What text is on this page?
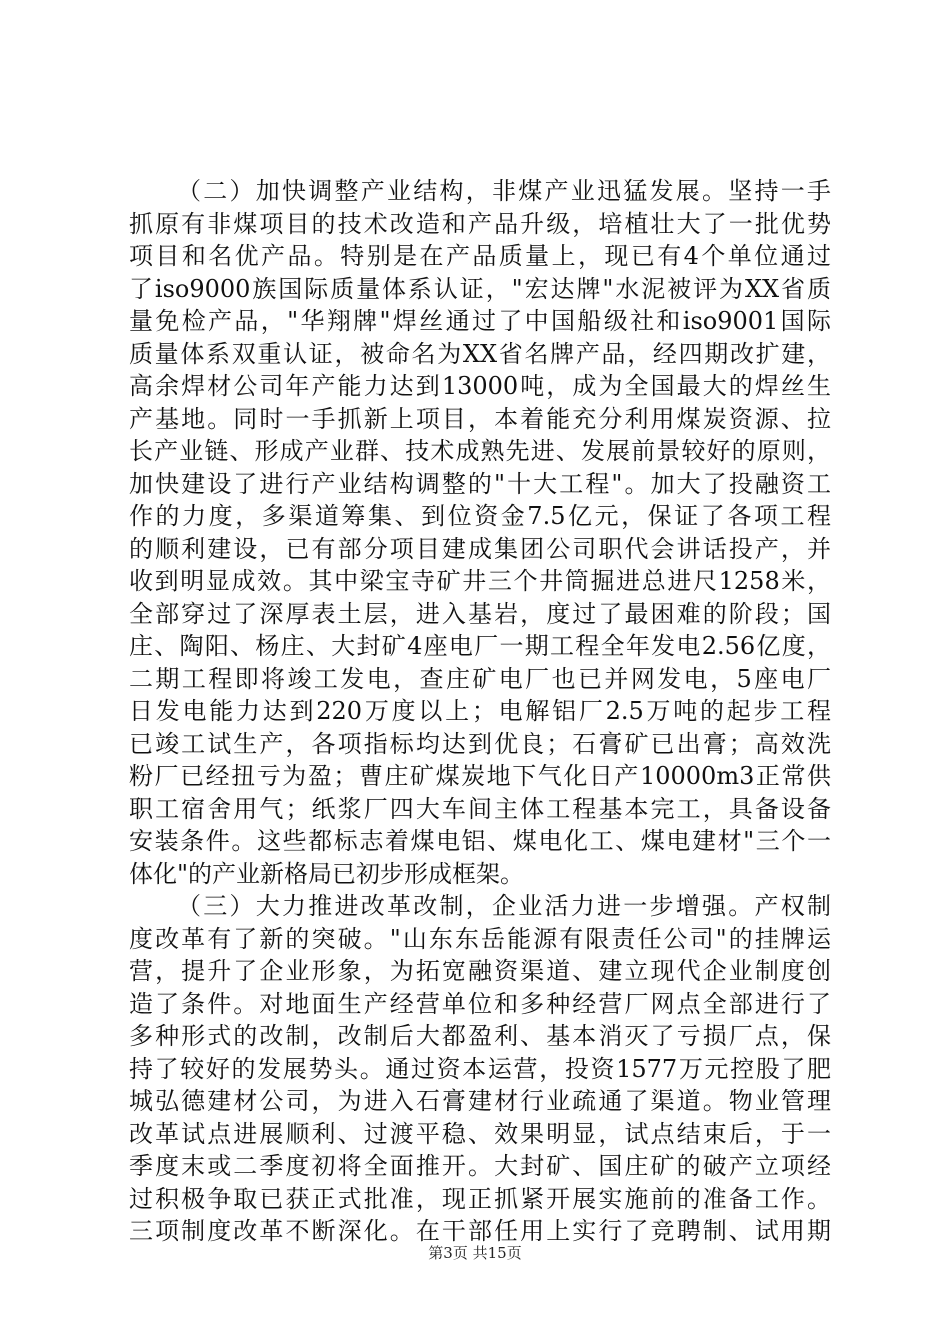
（二）加快调整产业结构，非煤产业迅猛发展。坚持一手
抓原有非煤项目的技术改造和产品升级，培植壮大了一批优势
项目和名优产品。特别是在产品质量上，现已有4个单位通过
了iso9000族国际质量体系认证，"宏达牌"水泥被评为XX省质
量免检产品，"华翔牌"焊丝通过了中国船级社和iso9001国际
质量体系双重认证，被命名为XX省名牌产品，经四期改扩建，
高余焊材公司年产能力达到13000吨，成为全国最大的焊丝生
产基地。同时一手抓新上项目，本着能充分利用煤炭资源、拉
长产业链、形成产业群、技术成熟先进、发展前景较好的原则，
加快建设了进行产业结构调整的"十大工程"。加大了投融资工
作的力度，多渠道筹集、到位资金7.5亿元，保证了各项工程
的顺利建设，已有部分项目建成集团公司职代会讲话投产，并
收到明显成效。其中梁宝寺矿井三个井筒掘进总进尺1258米，
全部穿过了深厚表土层，进入基岩，度过了最困难的阶段；国
庄、陶阳、杨庄、大封矿4座电厂一期工程全年发电2.56亿度，
二期工程即将竣工发电，查庄矿电厂也已并网发电，5座电厂
日发电能力达到220万度以上；电解铝厂2.5万吨的起步工程
已竣工试生产，各项指标均达到优良；石膏矿已出膏；高效洗
粉厂已经扭亏为盈；曹庄矿煤炭地下气化日产10000m3正常供
职工宿舍用气；纸浆厂四大车间主体工程基本完工，具备设备
安装条件。这些都标志着煤电铝、煤电化工、煤电建材"三个一
体化"的产业新格局已初步形成框架。
（三）大力推进改革改制，企业活力进一步增强。产权制
度改革有了新的突破。"山东东岳能源有限责任公司"的挂牌运
营，提升了企业形象，为拓宽融资渠道、建立现代企业制度创
造了条件。对地面生产经营单位和多种经营厂网点全部进行了
多种形式的改制，改制后大都盈利、基本消灭了亏损厂点，保
持了较好的发展势头。通过资本运营，投资1577万元控股了肥
城弘德建材公司，为进入石膏建材行业疏通了渠道。物业管理
改革试点进展顺利、过渡平稳、效果明显，试点结束后，于一
季度末或二季度初将全面推开。大封矿、国庄矿的破产立项经
过积极争取已获正式批准，现正抓紧开展实施前的准备工作。
三项制度改革不断深化。在干部任用上实行了竞聘制、试用期
第3页 共15页
